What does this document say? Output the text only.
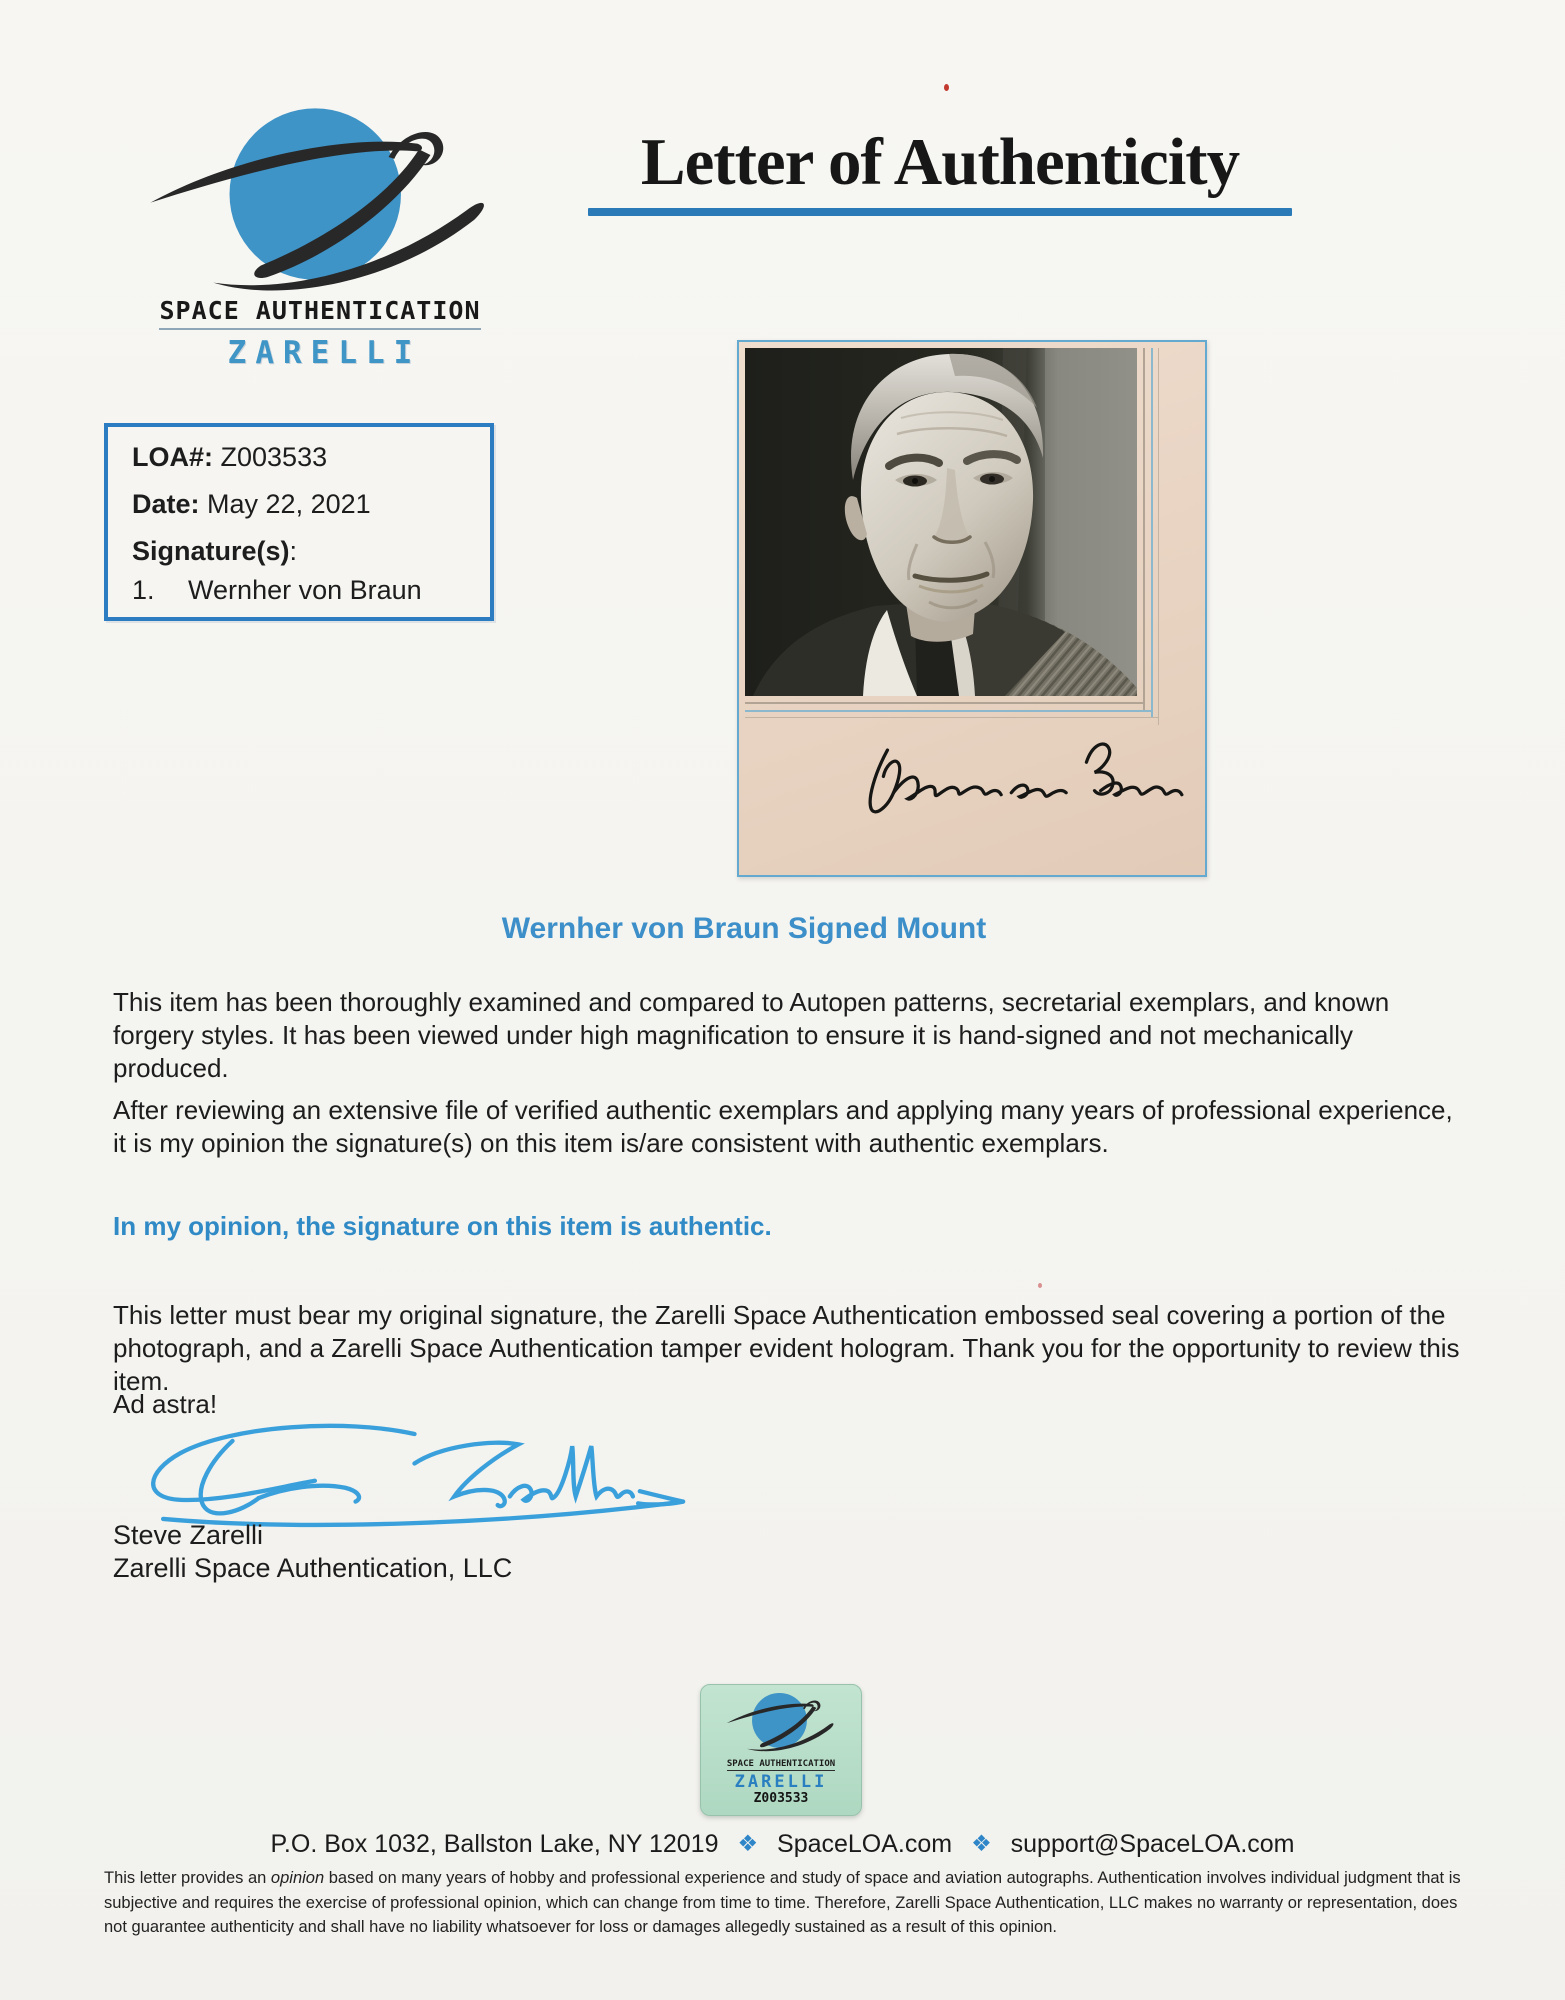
SPACE AUTHENTICATION
ZARELLI
Letter of Authenticity
LOA#: Z003533
Date: May 22, 2021
Signature(s):
1. Wernher von Braun
Wernher von Braun Signed Mount

This item has been thoroughly examined and compared to Autopen patterns, secretarial exemplars, and known forgery styles. It has been viewed under high magnification to ensure it is hand-signed and not mechanically produced.

After reviewing an extensive file of verified authentic exemplars and applying many years of professional experience, it is my opinion the signature(s) on this item is/are consistent with authentic exemplars.

In my opinion, the signature on this item is authentic.

This letter must bear my original signature, the Zarelli Space Authentication embossed seal covering a portion of the photograph, and a Zarelli Space Authentication tamper evident hologram. Thank you for the opportunity to review this item.

Ad astra!

Steve Zarelli
Zarelli Space Authentication, LLC
SPACE AUTHENTICATION
ZARELLI
Z003533
P.O. Box 1032, Ballston Lake, NY 12019 ❖ SpaceLOA.com ❖ support@SpaceLOA.com

This letter provides an opinion based on many years of hobby and professional experience and study of space and aviation autographs. Authentication involves individual judgment that is subjective and requires the exercise of professional opinion, which can change from time to time. Therefore, Zarelli Space Authentication, LLC makes no warranty or representation, does not guarantee authenticity and shall have no liability whatsoever for loss or damages allegedly sustained as a result of this opinion.
